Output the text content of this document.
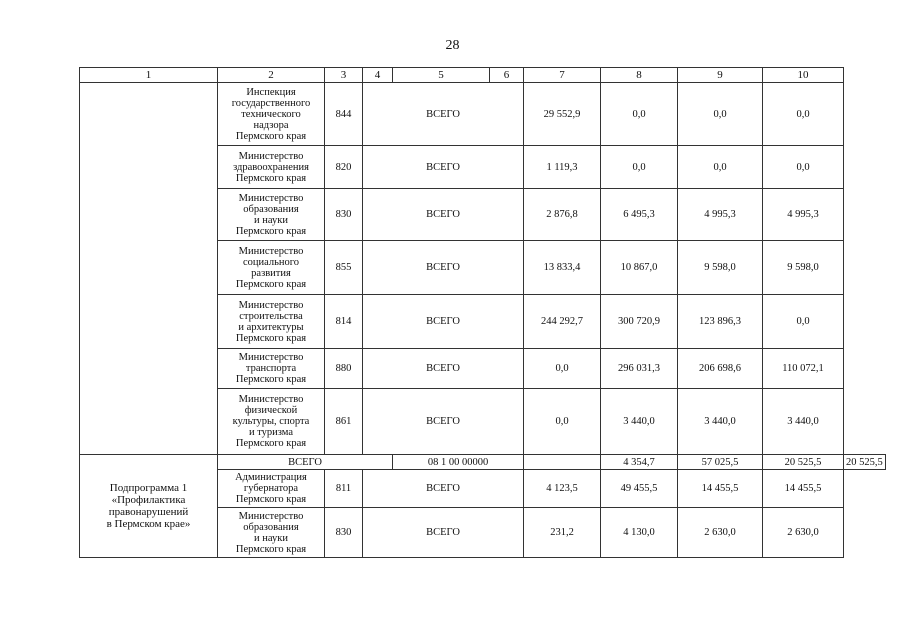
28
1	2	3	4	5	6	7	8	9	10	

	Инспекция
государственного
технического
надзора
Пермского края	844	ВСЕГО			29 552,9	0,0	0,0	0,0	

	Министерство
здравоохранения
Пермского края	820	ВСЕГО			1 119,3	0,0	0,0	0,0	

	Министерство
образования
и науки
Пермского края	830	ВСЕГО			2 876,8	6 495,3	4 995,3	4 995,3	

	Министерство
социального
развития
Пермского края	855	ВСЕГО			13 833,4	10 867,0	9 598,0	9 598,0	

	Министерство
строительства
и архитектуры
Пермского края	814	ВСЕГО			244 292,7	300 720,9	123 896,3	0,0	

	Министерство
транспорта
Пермского края	880	ВСЕГО			0,0	296 031,3	206 698,6	110 072,1	

	Министерство
физической
культуры, спорта
и туризма
Пермского края	861	ВСЕГО			0,0	3 440,0	3 440,0	3 440,0	

Подпрограмма 1
«Профилактика
правонарушений
в Пермском крае»	ВСЕГО			08 1 00 00000			4 354,7	57 025,5	20 525,5	20 525,5

	Администрация
губернатора
Пермского края	811	ВСЕГО			4 123,5	49 455,5	14 455,5	14 455,5	

	Министерство
образования
и науки
Пермского края	830	ВСЕГО			231,2	4 130,0	2 630,0	2 630,0	
